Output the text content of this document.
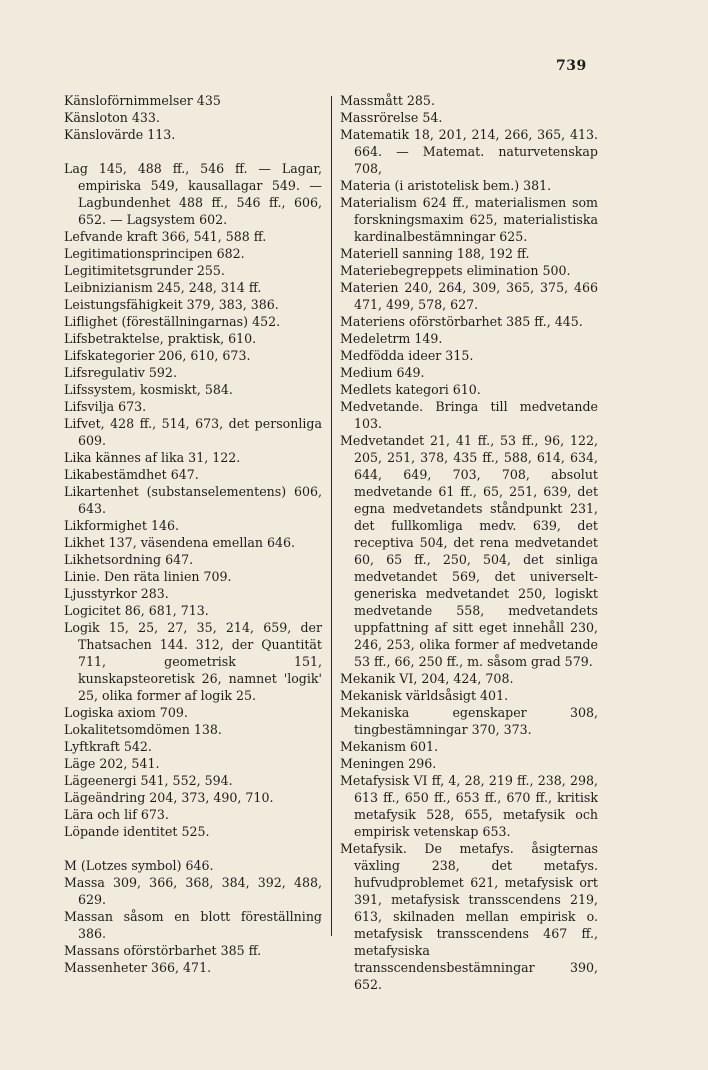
739
Känsloförnimmelser 435
Känsloton 433.
Känslovärde 113.
Lag 145, 488 ff., 546 ff. — Lagar, empiriska 549, kausallagar 549. — Lagbundenhet 488 ff., 546 ff., 606, 652. — Lagsystem 602.
Lefvande kraft 366, 541, 588 ff.
Legitimationsprincipen 682.
Legitimitetsgrunder 255.
Leibnizianism 245, 248, 314 ff.
Leistungsfähigkeit 379, 383, 386.
Liflighet (föreställningarnas) 452.
Lifsbetraktelse, praktisk, 610.
Lifskategorier 206, 610, 673.
Lifsregulativ 592.
Lifssystem, kosmiskt, 584.
Lifsvilja 673.
Lifvet, 428 ff., 514, 673, det personliga 609.
Lika kännes af lika 31, 122.
Likabestämdhet 647.
Likartenhet (substanselementens) 606, 643.
Likformighet 146.
Likhet 137, väsendena emellan 646.
Likhetsordning 647.
Linie. Den räta linien 709.
Ljusstyrkor 283.
Logicitet 86, 681, 713.
Logik 15, 25, 27, 35, 214, 659, der Thatsachen 144. 312, der Quantität 711, geometrisk 151, kunskapsteoretisk 26, namnet 'logik' 25, olika former af logik 25.
Logiska axiom 709.
Lokalitetsomdömen 138.
Lyftkraft 542.
Läge 202, 541.
Lägeenergi 541, 552, 594.
Lägeändring 204, 373, 490, 710.
Lära och lif 673.
Löpande identitet 525.
M (Lotzes symbol) 646.
Massa 309, 366, 368, 384, 392, 488, 629.
Massan såsom en blott föreställning 386.
Massans oförstörbarhet 385 ff.
Massenheter 366, 471.
Massmått 285.
Massrörelse 54.
Matematik 18, 201, 214, 266, 365, 413. 664. — Matemat. naturvetenskap 708,
Materia (i aristotelisk bem.) 381.
Materialism 624 ff., materialismen som forskningsmaxim 625, materialistiska kardinalbestämningar 625.
Materiell sanning 188, 192 ff.
Materiebegreppets elimination 500.
Materien 240, 264, 309, 365, 375, 466 471, 499, 578, 627.
Materiens oförstörbarhet 385 ff., 445.
Medeletrm 149.
Medfödda ideer 315.
Medium 649.
Medlets kategori 610.
Medvetande. Bringa till medvetande 103.
Medvetandet 21, 41 ff., 53 ff., 96, 122, 205, 251, 378, 435 ff., 588, 614, 634, 644, 649, 703, 708, absolut medvetande 61 ff., 65, 251, 639, det egna medvetandets ståndpunkt 231, det fullkomliga medv. 639, det receptiva 504, det rena medvetandet 60, 65 ff., 250, 504, det sinliga medvetandet 569, det universelt-generiska medvetandet 250, logiskt medvetande 558, medvetandets uppfattning af sitt eget innehåll 230, 246, 253, olika former af medvetande 53 ff., 66, 250 ff., m. såsom grad 579.
Mekanik VI, 204, 424, 708.
Mekanisk världsåsigt 401.
Mekaniska egenskaper 308, tingbestämningar 370, 373.
Mekanism 601.
Meningen 296.
Metafysisk VI ff, 4, 28, 219 ff., 238, 298, 613 ff., 650 ff., 653 ff., 670 ff., kritisk metafysik 528, 655, metafysik och empirisk vetenskap 653.
Metafysik. De metafys. åsigternas växling 238, det metafys. hufvudproblemet 621, metafysisk ort 391, metafysisk transscendens 219, 613, skilnaden mellan empirisk o. metafysisk transscendens 467 ff., metafysiska transscendensbestämningar 390, 652.
